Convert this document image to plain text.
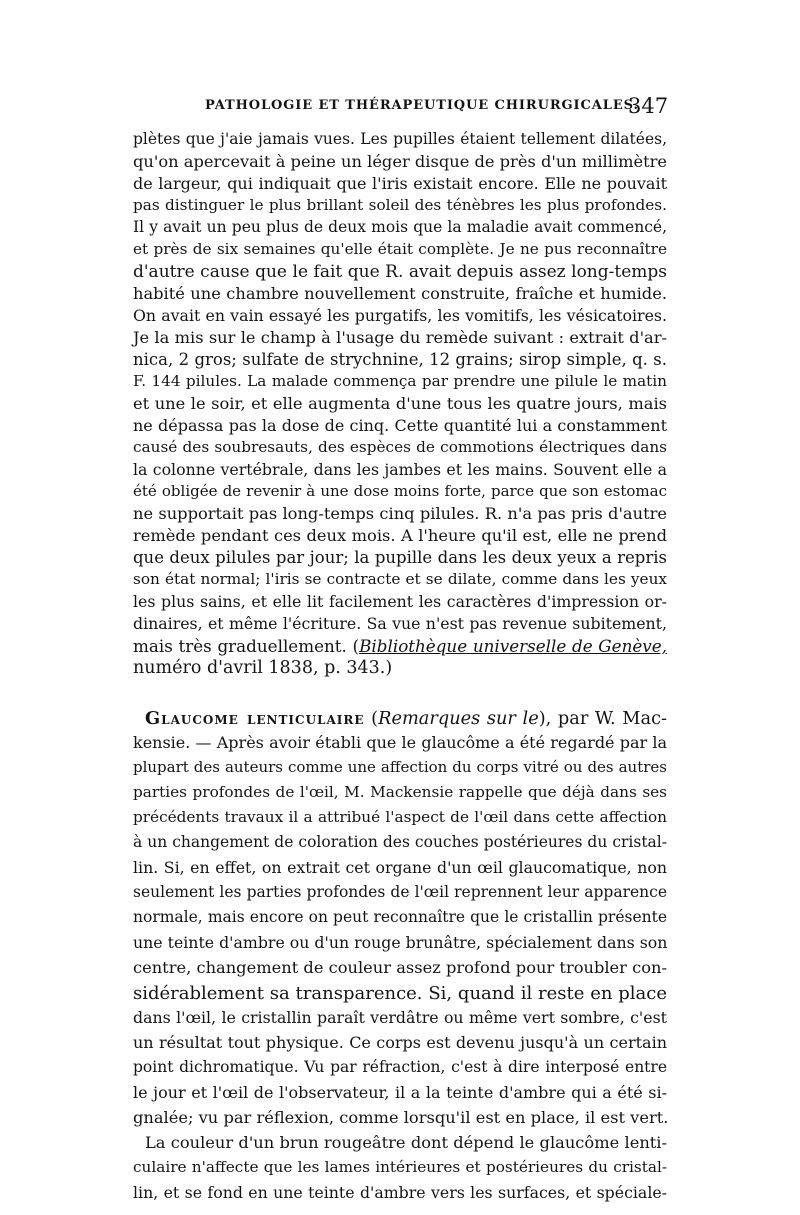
PATHOLOGIE ET THÉRAPEUTIQUE CHIRURGICALES.
347
plètes que j'aie jamais vues. Les pupilles étaient tellement dilatées,
qu'on apercevait à peine un léger disque de près d'un millimètre
de largeur, qui indiquait que l'iris existait encore. Elle ne pouvait
pas distinguer le plus brillant soleil des ténèbres les plus profondes.
Il y avait un peu plus de deux mois que la maladie avait commencé,
et près de six semaines qu'elle était complète. Je ne pus reconnaître
d'autre cause que le fait que R. avait depuis assez long-temps
habité une chambre nouvellement construite, fraîche et humide.
On avait en vain essayé les purgatifs, les vomitifs, les vésicatoires.
Je la mis sur le champ à l'usage du remède suivant : extrait d'ar-
nica, 2 gros; sulfate de strychnine, 12 grains; sirop simple, q. s.
F. 144 pilules. La malade commença par prendre une pilule le matin
et une le soir, et elle augmenta d'une tous les quatre jours, mais
ne dépassa pas la dose de cinq. Cette quantité lui a constamment
causé des soubresauts, des espèces de commotions électriques dans
la colonne vertébrale, dans les jambes et les mains. Souvent elle a
été obligée de revenir à une dose moins forte, parce que son estomac
ne supportait pas long-temps cinq pilules. R. n'a pas pris d'autre
remède pendant ces deux mois. A l'heure qu'il est, elle ne prend
que deux pilules par jour; la pupille dans les deux yeux a repris
son état normal; l'iris se contracte et se dilate, comme dans les yeux
les plus sains, et elle lit facilement les caractères d'impression or-
dinaires, et même l'écriture. Sa vue n'est pas revenue subitement,
mais très graduellement. (Bibliothèque universelle de Genève,
numéro d'avril 1838, p. 343.)
Glaucome lenticulaire (Remarques sur le), par W. Mac-
kensie. — Après avoir établi que le glaucôme a été regardé par la
plupart des auteurs comme une affection du corps vitré ou des autres
parties profondes de l'œil, M. Mackensie rappelle que déjà dans ses
précédents travaux il a attribué l'aspect de l'œil dans cette affection
à un changement de coloration des couches postérieures du cristal-
lin. Si, en effet, on extrait cet organe d'un œil glaucomatique, non
seulement les parties profondes de l'œil reprennent leur apparence
normale, mais encore on peut reconnaître que le cristallin présente
une teinte d'ambre ou d'un rouge brunâtre, spécialement dans son
centre, changement de couleur assez profond pour troubler con-
sidérablement sa transparence. Si, quand il reste en place
dans l'œil, le cristallin paraît verdâtre ou même vert sombre, c'est
un résultat tout physique. Ce corps est devenu jusqu'à un certain
point dichromatique. Vu par réfraction, c'est à dire interposé entre
le jour et l'œil de l'observateur, il a la teinte d'ambre qui a été si-
gnalée; vu par réflexion, comme lorsqu'il est en place, il est vert.
La couleur d'un brun rougeâtre dont dépend le glaucôme lenti-
culaire n'affecte que les lames intérieures et postérieures du cristal-
lin, et se fond en une teinte d'ambre vers les surfaces, et spéciale-
